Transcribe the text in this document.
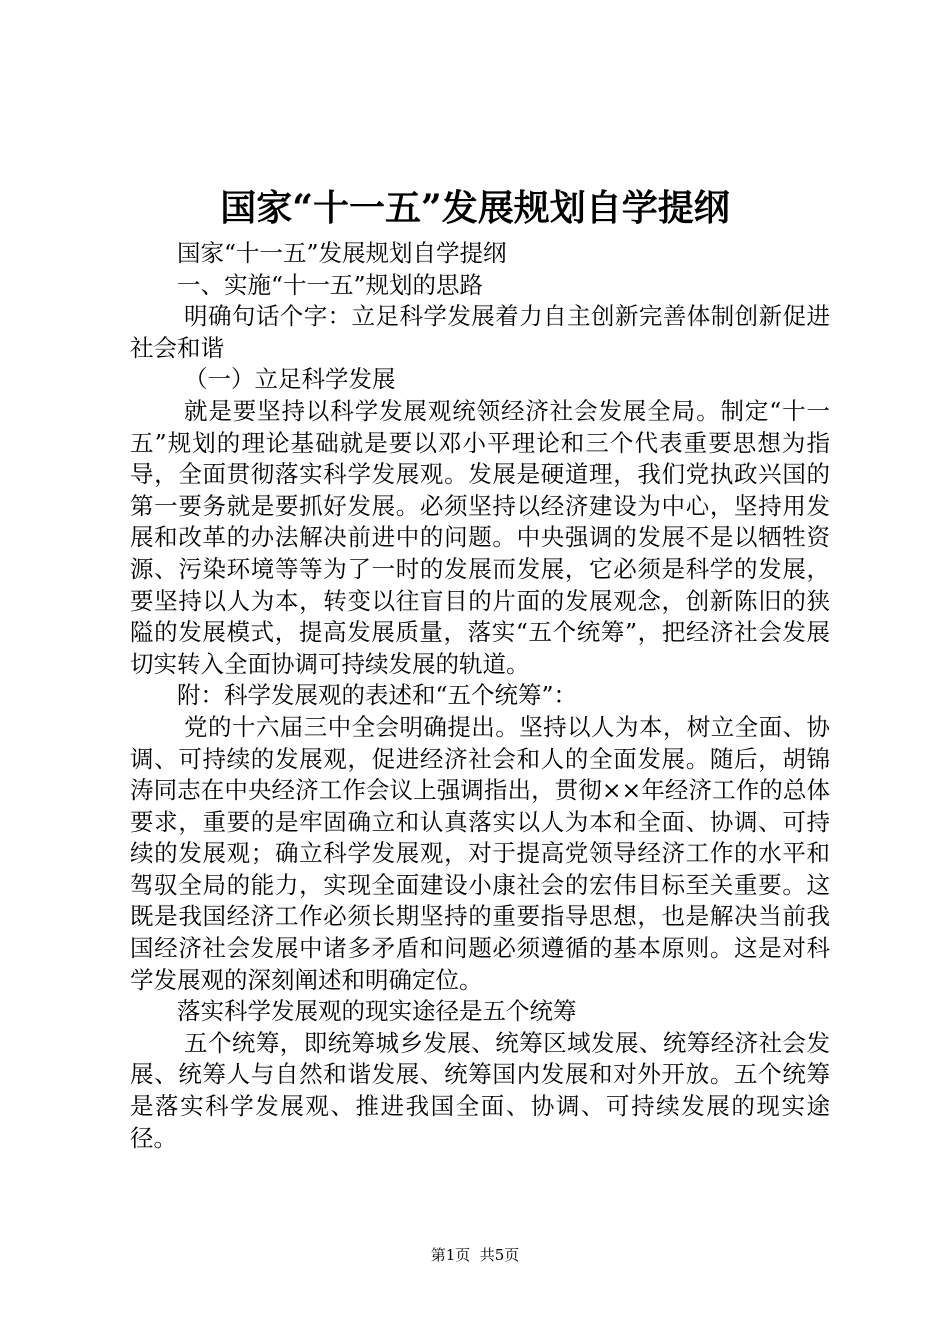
国家“十一五”发展规划自学提纲

国家“十一五”发展规划自学提纲

一、实施“十一五”规划的思路

明确句话个字：立足科学发展着力自主创新完善体制创新促进社会和谐

（一）立足科学发展

就是要坚持以科学发展观统领经济社会发展全局。制定“十一五”规划的理论基础就是要以邓小平理论和三个代表重要思想为指导，全面贯彻落实科学发展观。发展是硬道理，我们党执政兴国的第一要务就是要抓好发展。必须坚持以经济建设为中心，坚持用发展和改革的办法解决前进中的问题。中央强调的发展不是以牺牲资源、污染环境等等为了一时的发展而发展，它必须是科学的发展，要坚持以人为本，转变以往盲目的片面的发展观念，创新陈旧的狭隘的发展模式，提高发展质量，落实“五个统筹”，把经济社会发展切实转入全面协调可持续发展的轨道。

附：科学发展观的表述和“五个统筹”：

党的十六届三中全会明确提出。坚持以人为本，树立全面、协调、可持续的发展观，促进经济社会和人的全面发展。随后，胡锦涛同志在中央经济工作会议上强调指出，贯彻××年经济工作的总体要求，重要的是牢固确立和认真落实以人为本和全面、协调、可持续的发展观；确立科学发展观，对于提高党领导经济工作的水平和驾驭全局的能力，实现全面建设小康社会的宏伟目标至关重要。这既是我国经济工作必须长期坚持的重要指导思想，也是解决当前我国经济社会发展中诸多矛盾和问题必须遵循的基本原则。这是对科学发展观的深刻阐述和明确定位。

落实科学发展观的现实途径是五个统筹

五个统筹，即统筹城乡发展、统筹区域发展、统筹经济社会发展、统筹人与自然和谐发展、统筹国内发展和对外开放。五个统筹是落实科学发展观、推进我国全面、协调、可持续发展的现实途径。

第1页  共5页
